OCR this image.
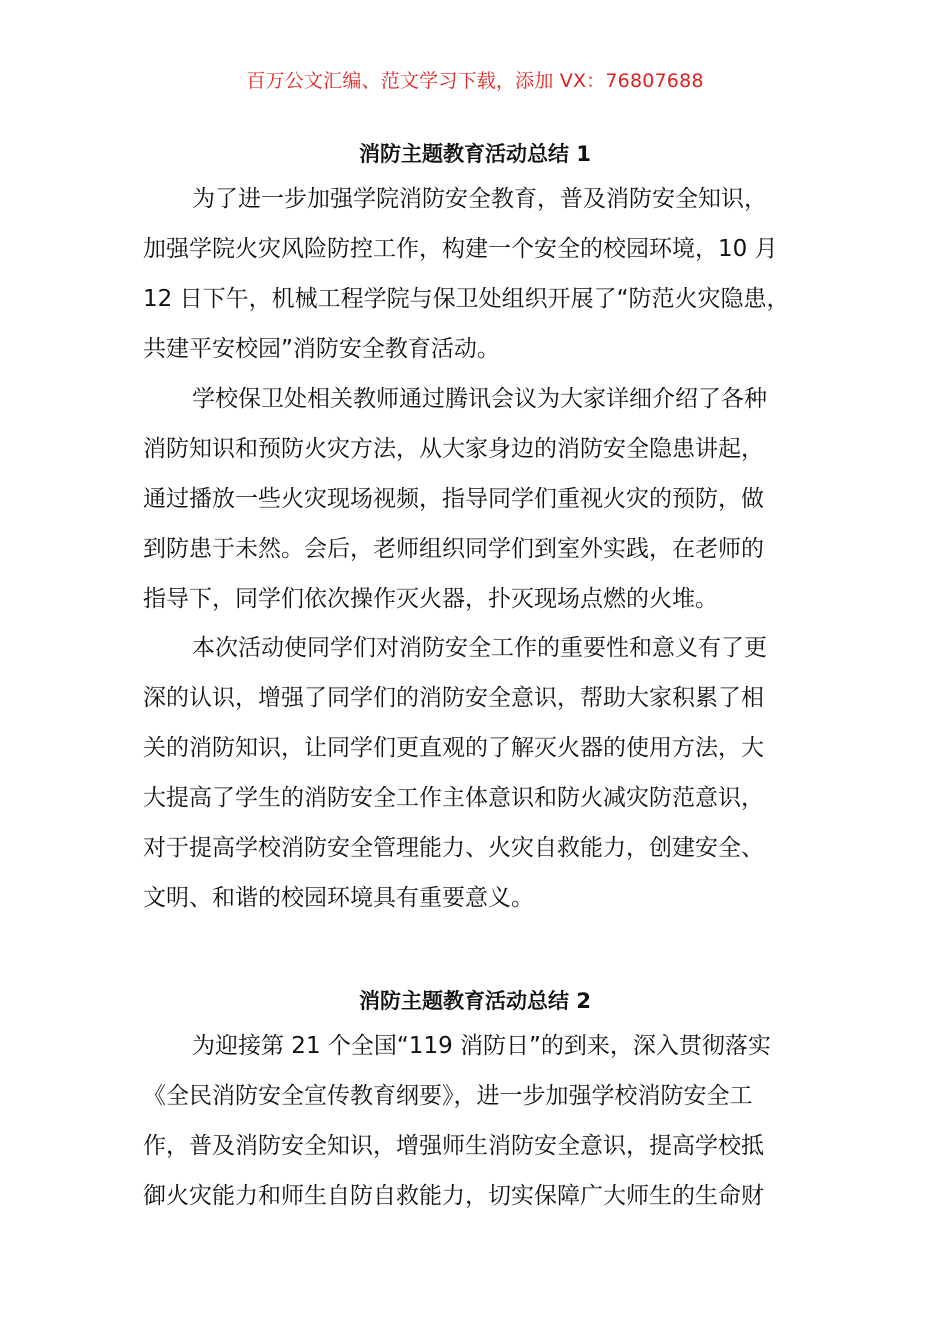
百万公文汇编、范文学习下载，添加 VX：76807688
消防主题教育活动总结 1
为了进一步加强学院消防安全教育，普及消防安全知识，
加强学院火灾风险防控工作，构建一个安全的校园环境，10 月
12 日下午，机械工程学院与保卫处组织开展了“防范火灾隐患，
共建平安校园”消防安全教育活动。
学校保卫处相关教师通过腾讯会议为大家详细介绍了各种
消防知识和预防火灾方法，从大家身边的消防安全隐患讲起，
通过播放一些火灾现场视频，指导同学们重视火灾的预防，做
到防患于未然。会后，老师组织同学们到室外实践，在老师的
指导下，同学们依次操作灭火器，扑灭现场点燃的火堆。
本次活动使同学们对消防安全工作的重要性和意义有了更
深的认识，增强了同学们的消防安全意识，帮助大家积累了相
关的消防知识，让同学们更直观的了解灭火器的使用方法，大
大提高了学生的消防安全工作主体意识和防火减灾防范意识，
对于提高学校消防安全管理能力、火灾自救能力，创建安全、
文明、和谐的校园环境具有重要意义。
消防主题教育活动总结 2
为迎接第 21 个全国“119 消防日”的到来，深入贯彻落实
《全民消防安全宣传教育纲要》，进一步加强学校消防安全工
作，普及消防安全知识，增强师生消防安全意识，提高学校抵
御火灾能力和师生自防自救能力，切实保障广大师生的生命财
